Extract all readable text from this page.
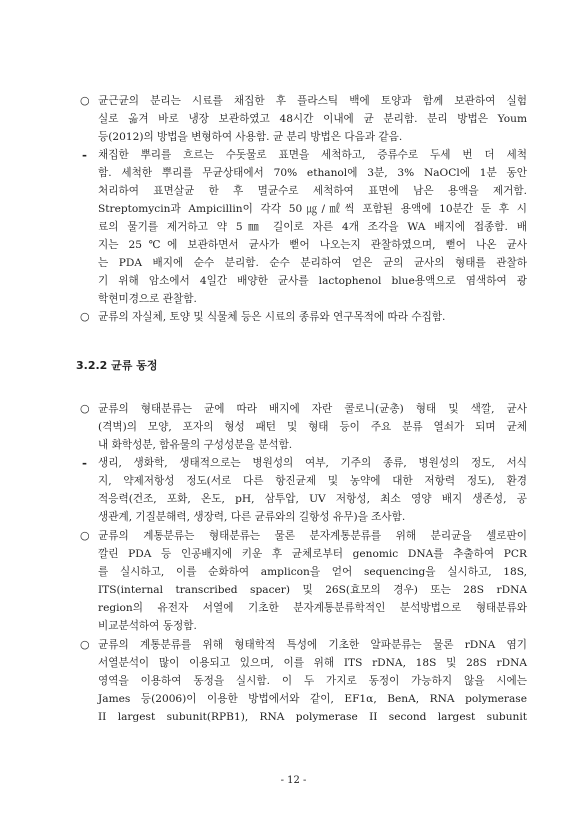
○ 균근균의 분리는 시료를 채집한 후 플라스틱 백에 토양과 함께 보관하여 실험
실로 옮겨 바로 냉장 보관하였고 48시간 이내에 균 분리함. 분리 방법은 Youm
등(2012)의 방법을 변형하여 사용함. 균 분리 방법은 다음과 같음.
- 채집한 뿌리를 흐르는 수돗물로 표면을 세척하고, 증류수로 두세 번 더 세척
함. 세척한 뿌리를 무균상태에서 70% ethanol에 3분, 3% NaOCl에 1분 동안
처리하여 표면살균 한 후 멸균수로 세척하여 표면에 남은 용액을 제거함.
Streptomycin과 Ampicillin이 각각 50㎍/㎖씩 포함된 용액에 10분간 둔 후 시
료의 물기를 제거하고 약 5㎜ 길이로 자른 4개 조각을 WA 배지에 접종함. 배
지는 25℃에 보관하면서 균사가 뻗어 나오는지 관찰하였으며, 뻗어 나온 균사
는 PDA 배지에 순수 분리함. 순수 분리하여 얻은 균의 균사의 형태를 관찰하
기 위해 암소에서 4일간 배양한 균사를 lactophenol blue용액으로 염색하여 광
학현미경으로 관찰함.
○ 균류의 자실체, 토양 및 식물체 등은 시료의 종류와 연구목적에 따라 수집함.
3.2.2 균류 동정
○ 균류의 형태분류는 균에 따라 배지에 자란 콜로니(균총) 형태 및 색깔, 균사
(격벽)의 모양, 포자의 형성 패턴 및 형태 등이 주요 분류 열쇠가 되며 균체
내 화학성분, 함유물의 구성성분을 분석함.
- 생리, 생화학, 생태적으로는 병원성의 여부, 기주의 종류, 병원성의 정도, 서식
지, 약제저항성 정도(서로 다른 항진균제 및 농약에 대한 저항력 정도), 환경
적응력(건조, 포화, 온도, pH, 삼투압, UV 저항성, 최소 영양 배지 생존성, 공
생관계, 기질분해력, 생장력, 다른 균류와의 길항성 유무)을 조사함.
○ 균류의 계통분류는 형태분류는 물론 분자계통분류를 위해 분리균을 셀로판이
깔린 PDA 등 인공배지에 키운 후 균체로부터 genomic DNA를 추출하여 PCR
를 실시하고, 이를 순화하여 amplicon을 얻어 sequencing을 실시하고, 18S,
ITS(internal transcribed spacer) 및 26S(효모의 경우) 또는 28S rDNA
region의 유전자 서열에 기초한 분자계통분류학적인 분석방법으로 형태분류와
비교분석하여 동정함.
○ 균류의 계통분류를 위해 형태학적 특성에 기초한 알파분류는 물론 rDNA 염기
서열분석이 많이 이용되고 있으며, 이를 위해 ITS rDNA, 18S 및 28S rDNA
영역을 이용하여 동정을 실시함. 이 두 가지로 동정이 가능하지 않을 시에는
James 등(2006)이 이용한 방법에서와 같이, EF1α, BenA, RNA polymerase
II largest subunit(RPB1), RNA polymerase II second largest subunit
- 12 -
